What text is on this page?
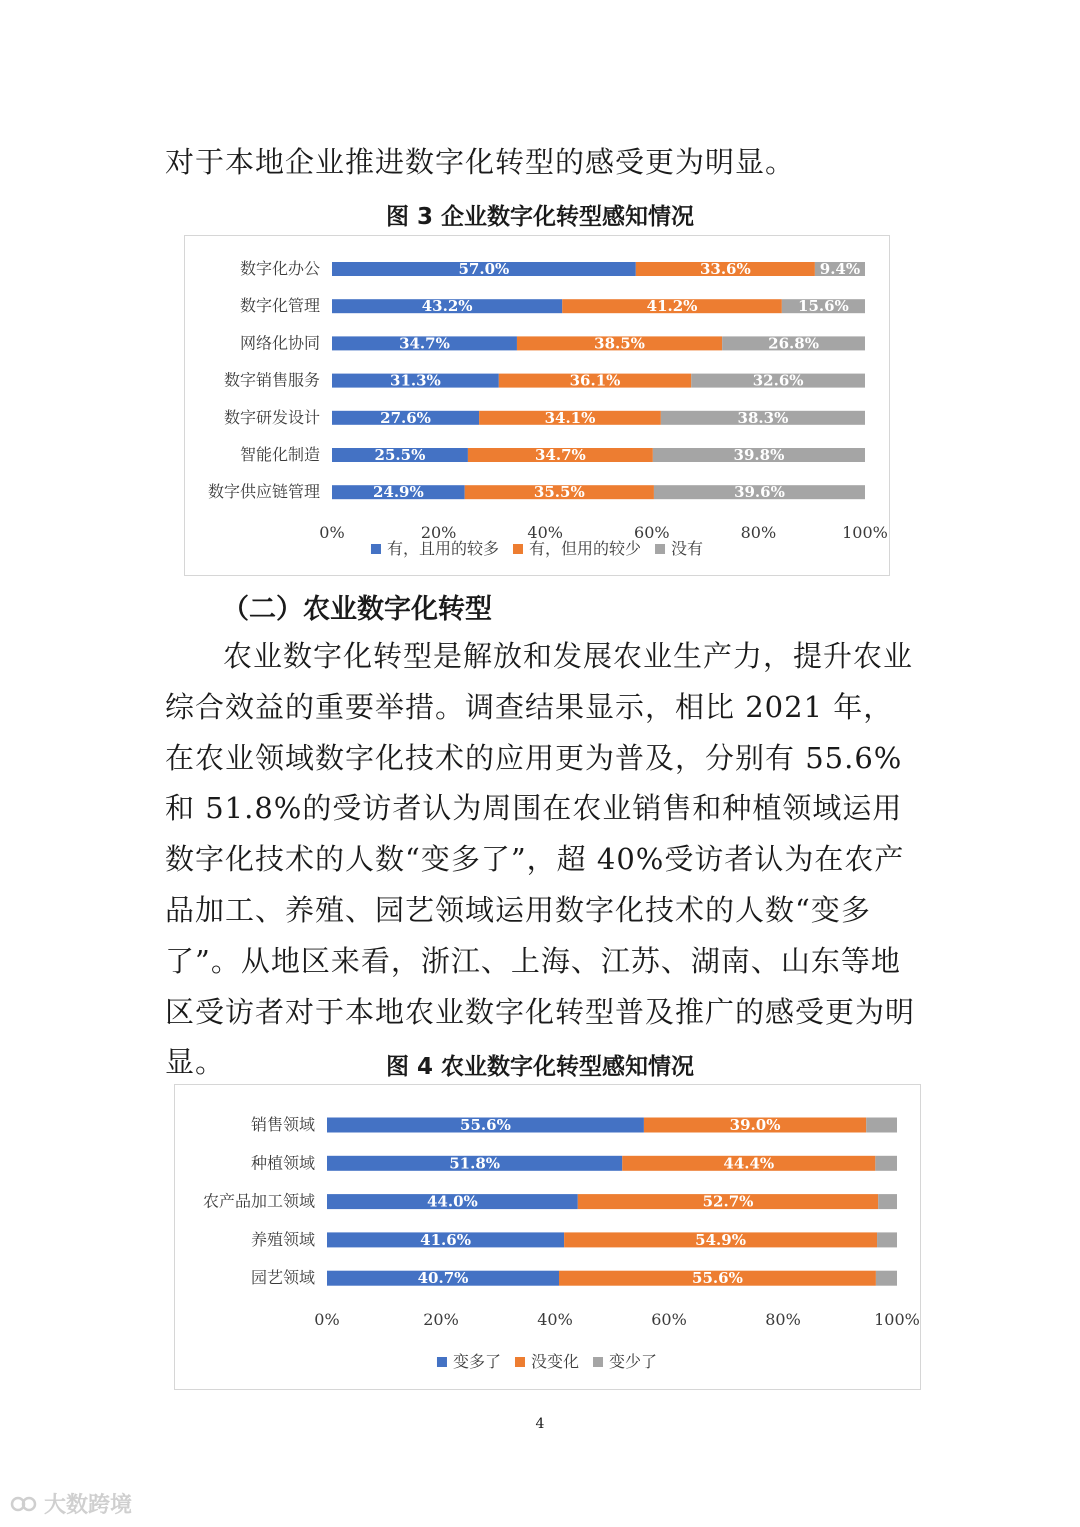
对于本地企业推进数字化转型的感受更为明显。

图 3 企业数字化转型感知情况

数字化办公	57.0%	33.6%	9.4%
数字化管理	43.2%	41.2%	15.6%
网络化协同	34.7%	38.5%	26.8%
数字销售服务	31.3%	36.1%	32.6%
数字研发设计	27.6%	34.1%	38.3%
智能化制造	25.5%	34.7%	39.8%
数字供应链管理	24.9%	35.5%	39.6%
0%	20%	40%	60%	80%	100%
有，且用的较多 有，但用的较少 没有

（二）农业数字化转型

农业数字化转型是解放和发展农业生产力，提升农业综合效益的重要举措。调查结果显示，相比 2021 年，在农业领域数字化技术的应用更为普及，分别有 55.6%和 51.8%的受访者认为周围在农业销售和种植领域运用数字化技术的人数“变多了”，超 40%受访者认为在农产品加工、养殖、园艺领域运用数字化技术的人数“变多了”。从地区来看，浙江、上海、江苏、湖南、山东等地区受访者对于本地农业数字化转型普及推广的感受更为明显。	图 4 农业数字化转型感知情况

销售领域	55.6%	39.0%
种植领域	51.8%	44.4%
农产品加工领域	44.0%	52.7%
养殖领域	41.6%	54.9%
园艺领域	40.7%	55.6%
0%	20%	40%	60%	80%	100%
变多了 没变化 变少了

4

大数跨境
